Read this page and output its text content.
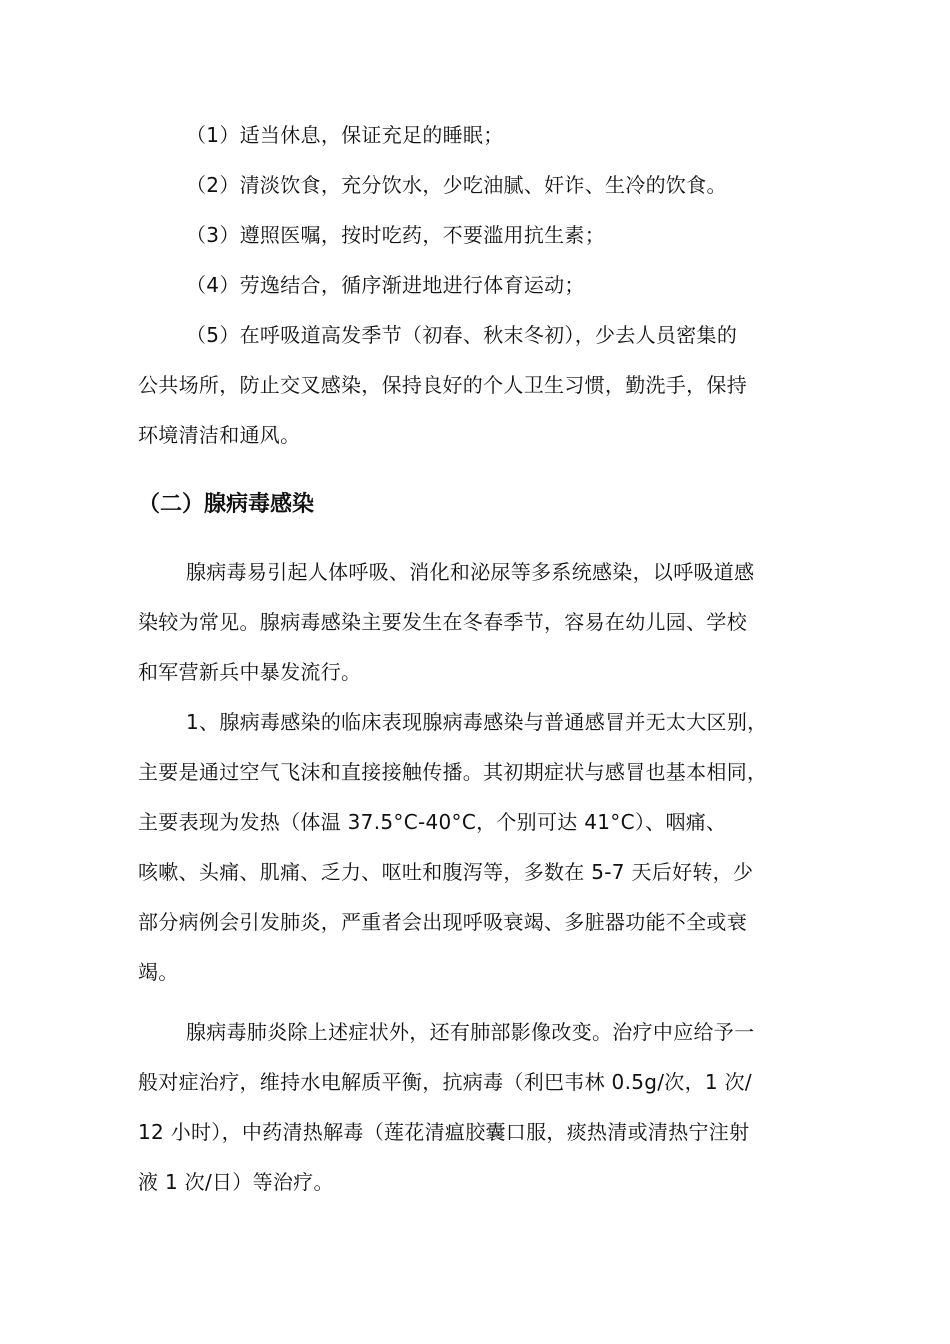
（1）适当休息，保证充足的睡眠；
（2）清淡饮食，充分饮水，少吃油腻、奸诈、生冷的饮食。
（3）遵照医嘱，按时吃药，不要滥用抗生素；
（4）劳逸结合，循序渐进地进行体育运动；
（5）在呼吸道高发季节（初春、秋末冬初），少去人员密集的
公共场所，防止交叉感染，保持良好的个人卫生习惯，勤洗手，保持
环境清洁和通风。
（二）腺病毒感染
腺病毒易引起人体呼吸、消化和泌尿等多系统感染，以呼吸道感
染较为常见。腺病毒感染主要发生在冬春季节，容易在幼儿园、学校
和军营新兵中暴发流行。
1、腺病毒感染的临床表现腺病毒感染与普通感冒并无太大区别，
主要是通过空气飞沫和直接接触传播。其初期症状与感冒也基本相同，
主要表现为发热（体温 37.5°C-40°C，个别可达 41°C）、咽痛、
咳嗽、头痛、肌痛、乏力、呕吐和腹泻等，多数在 5-7 天后好转，少
部分病例会引发肺炎，严重者会出现呼吸衰竭、多脏器功能不全或衰
竭。
腺病毒肺炎除上述症状外，还有肺部影像改变。治疗中应给予一
般对症治疗，维持水电解质平衡，抗病毒（利巴韦林 0.5g/次，1 次/
12 小时），中药清热解毒（莲花清瘟胶囊口服，痰热清或清热宁注射
液 1 次/日）等治疗。
